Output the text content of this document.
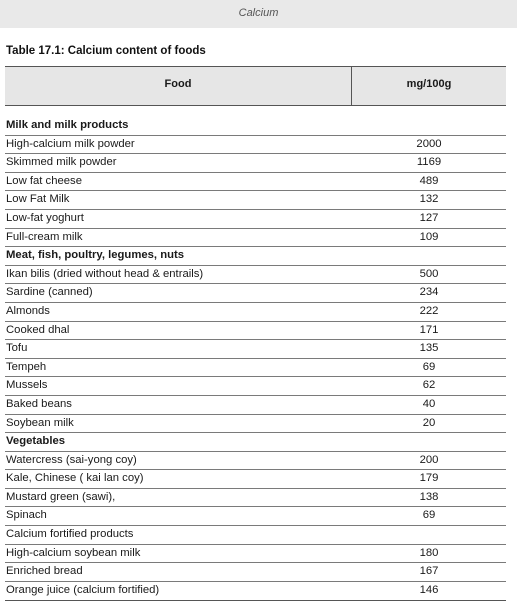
Calcium
Table 17.1: Calcium content of foods
Food	mg/100g
Milk and milk products
High-calcium milk powder	2000
Skimmed milk powder	1169
Low fat cheese	489
Low Fat Milk	132
Low-fat yoghurt	127
Full-cream milk	109
Meat, fish, poultry, legumes, nuts
Ikan bilis (dried without head & entrails)	500
Sardine (canned)	234
Almonds	222
Cooked dhal	171
Tofu	135
Tempeh	69
Mussels	62
Baked beans	40
Soybean milk	20
Vegetables
Watercress (sai-yong coy)	200
Kale, Chinese ( kai lan coy)	179
Mustard green (sawi),	138
Spinach	69
Calcium fortified products
High-calcium soybean milk	180
Enriched bread	167
Orange juice (calcium fortified)	146
